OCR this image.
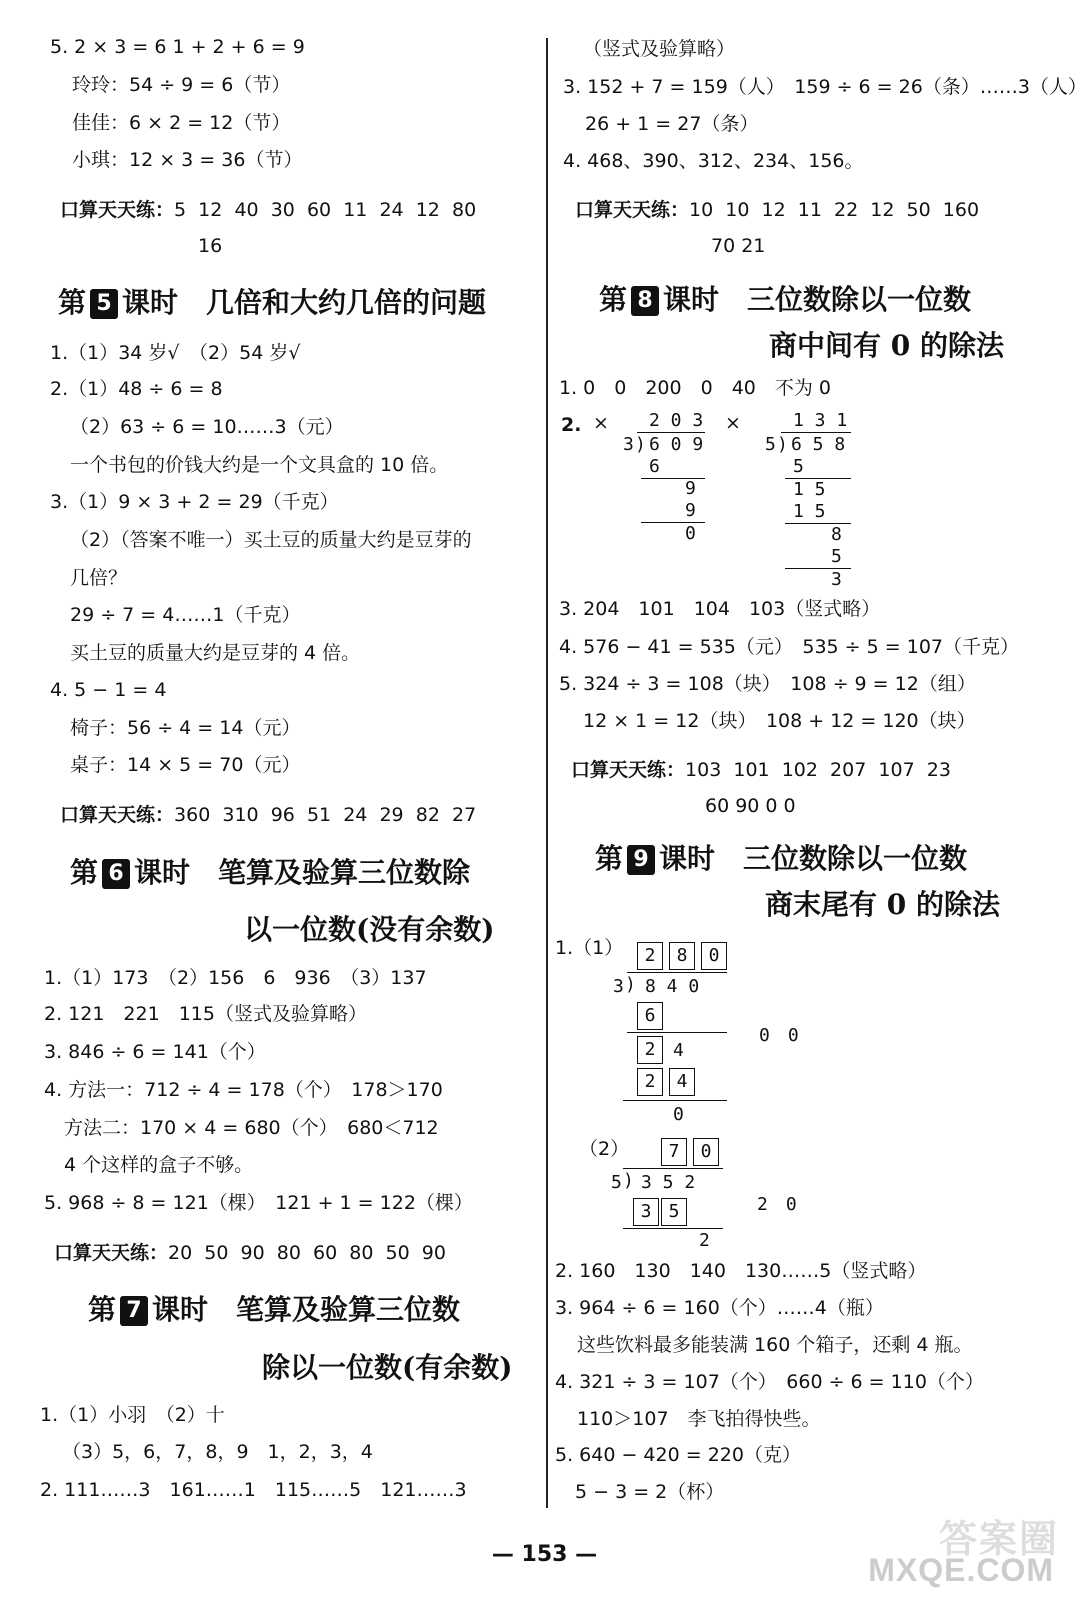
5. 2 × 3 = 6 1 + 2 + 6 = 9
玲玲：54 ÷ 9 = 6（节）
佳佳：6 × 2 = 12（节）
小琪：12 × 3 = 36（节）
口算天天练：5  12  40  30  60  11  24  12  80
16
第 5 课时　几倍和大约几倍的问题
1.（1）34 岁√　（2）54 岁√
2.（1）48 ÷ 6 = 8
（2）63 ÷ 6 = 10……3（元）
一个书包的价钱大约是一个文具盒的 10 倍。
3.（1）9 × 3 + 2 = 29（千克）
（2）（答案不唯一）买土豆的质量大约是豆芽的
几倍？
29 ÷ 7 = 4……1（千克）
买土豆的质量大约是豆芽的 4 倍。
4. 5 − 1 = 4
椅子：56 ÷ 4 = 14（元）
桌子：14 × 5 = 70（元）
口算天天练：360  310  96  51  24  29  82  27
第 6 课时　笔算及验算三位数除
以一位数(没有余数)
1.（1）173　（2）156　6　936　（3）137
2. 121　221　115（竖式及验算略）
3. 846 ÷ 6 = 141（个）
4. 方法一：712 ÷ 4 = 178（个）　178＞170
方法二：170 × 4 = 680（个）　680＜712
4 个这样的盒子不够。
5. 968 ÷ 8 = 121（棵）　121 + 1 = 122（棵）
口算天天练：20  50  90  80  60  80  50  90
第 7 课时　笔算及验算三位数
除以一位数(有余数)
1.（1）小羽　（2）十
（3）5，6，7，8，9　1，2，3，4
2. 111……3　161……1　115……5　121……3
（竖式及验算略）
3. 152 + 7 = 159（人）　159 ÷ 6 = 26（条）……3（人）
26 + 1 = 27（条）
4. 468、390、312、234、156。
口算天天练：10  10  12  11  22  12  50  160
70 21
第 8 课时　三位数除以一位数
商中间有 0 的除法
1. 0　0　200　0　40　不为 0
2. ×	×
2 0 3
3 ) 6 0 9
6
9
9
0
1 3 1
5 ) 6 5 8
5
1 5
1 5
8
5
3
3. 204　101　104　103（竖式略）
4. 576 − 41 = 535（元）　535 ÷ 5 = 107（千克）
5. 324 ÷ 3 = 108（块）　108 ÷ 9 = 12（组）
12 × 1 = 12（块）　108 + 12 = 120（块）
口算天天练：103  101  102  207  107  23
60 90 0 0
第 9 课时　三位数除以一位数
商末尾有 0 的除法
1.（1）	2	8	0
3 ) 8 4 0
6
2 4
2	4
0
0　0
（2）	7	0
5 ) 3 5 2
3 5
2
2　0
2. 160　130　140　130……5（竖式略）
3. 964 ÷ 6 = 160（个）……4（瓶）
这些饮料最多能装满 160 个箱子，还剩 4 瓶。
4. 321 ÷ 3 = 107（个）　660 ÷ 6 = 110（个）
110＞107　李飞拍得快些。
5. 640 − 420 = 220（克）
5 − 3 = 2（杯）
— 153 —	答案圈
MXQE.COM
